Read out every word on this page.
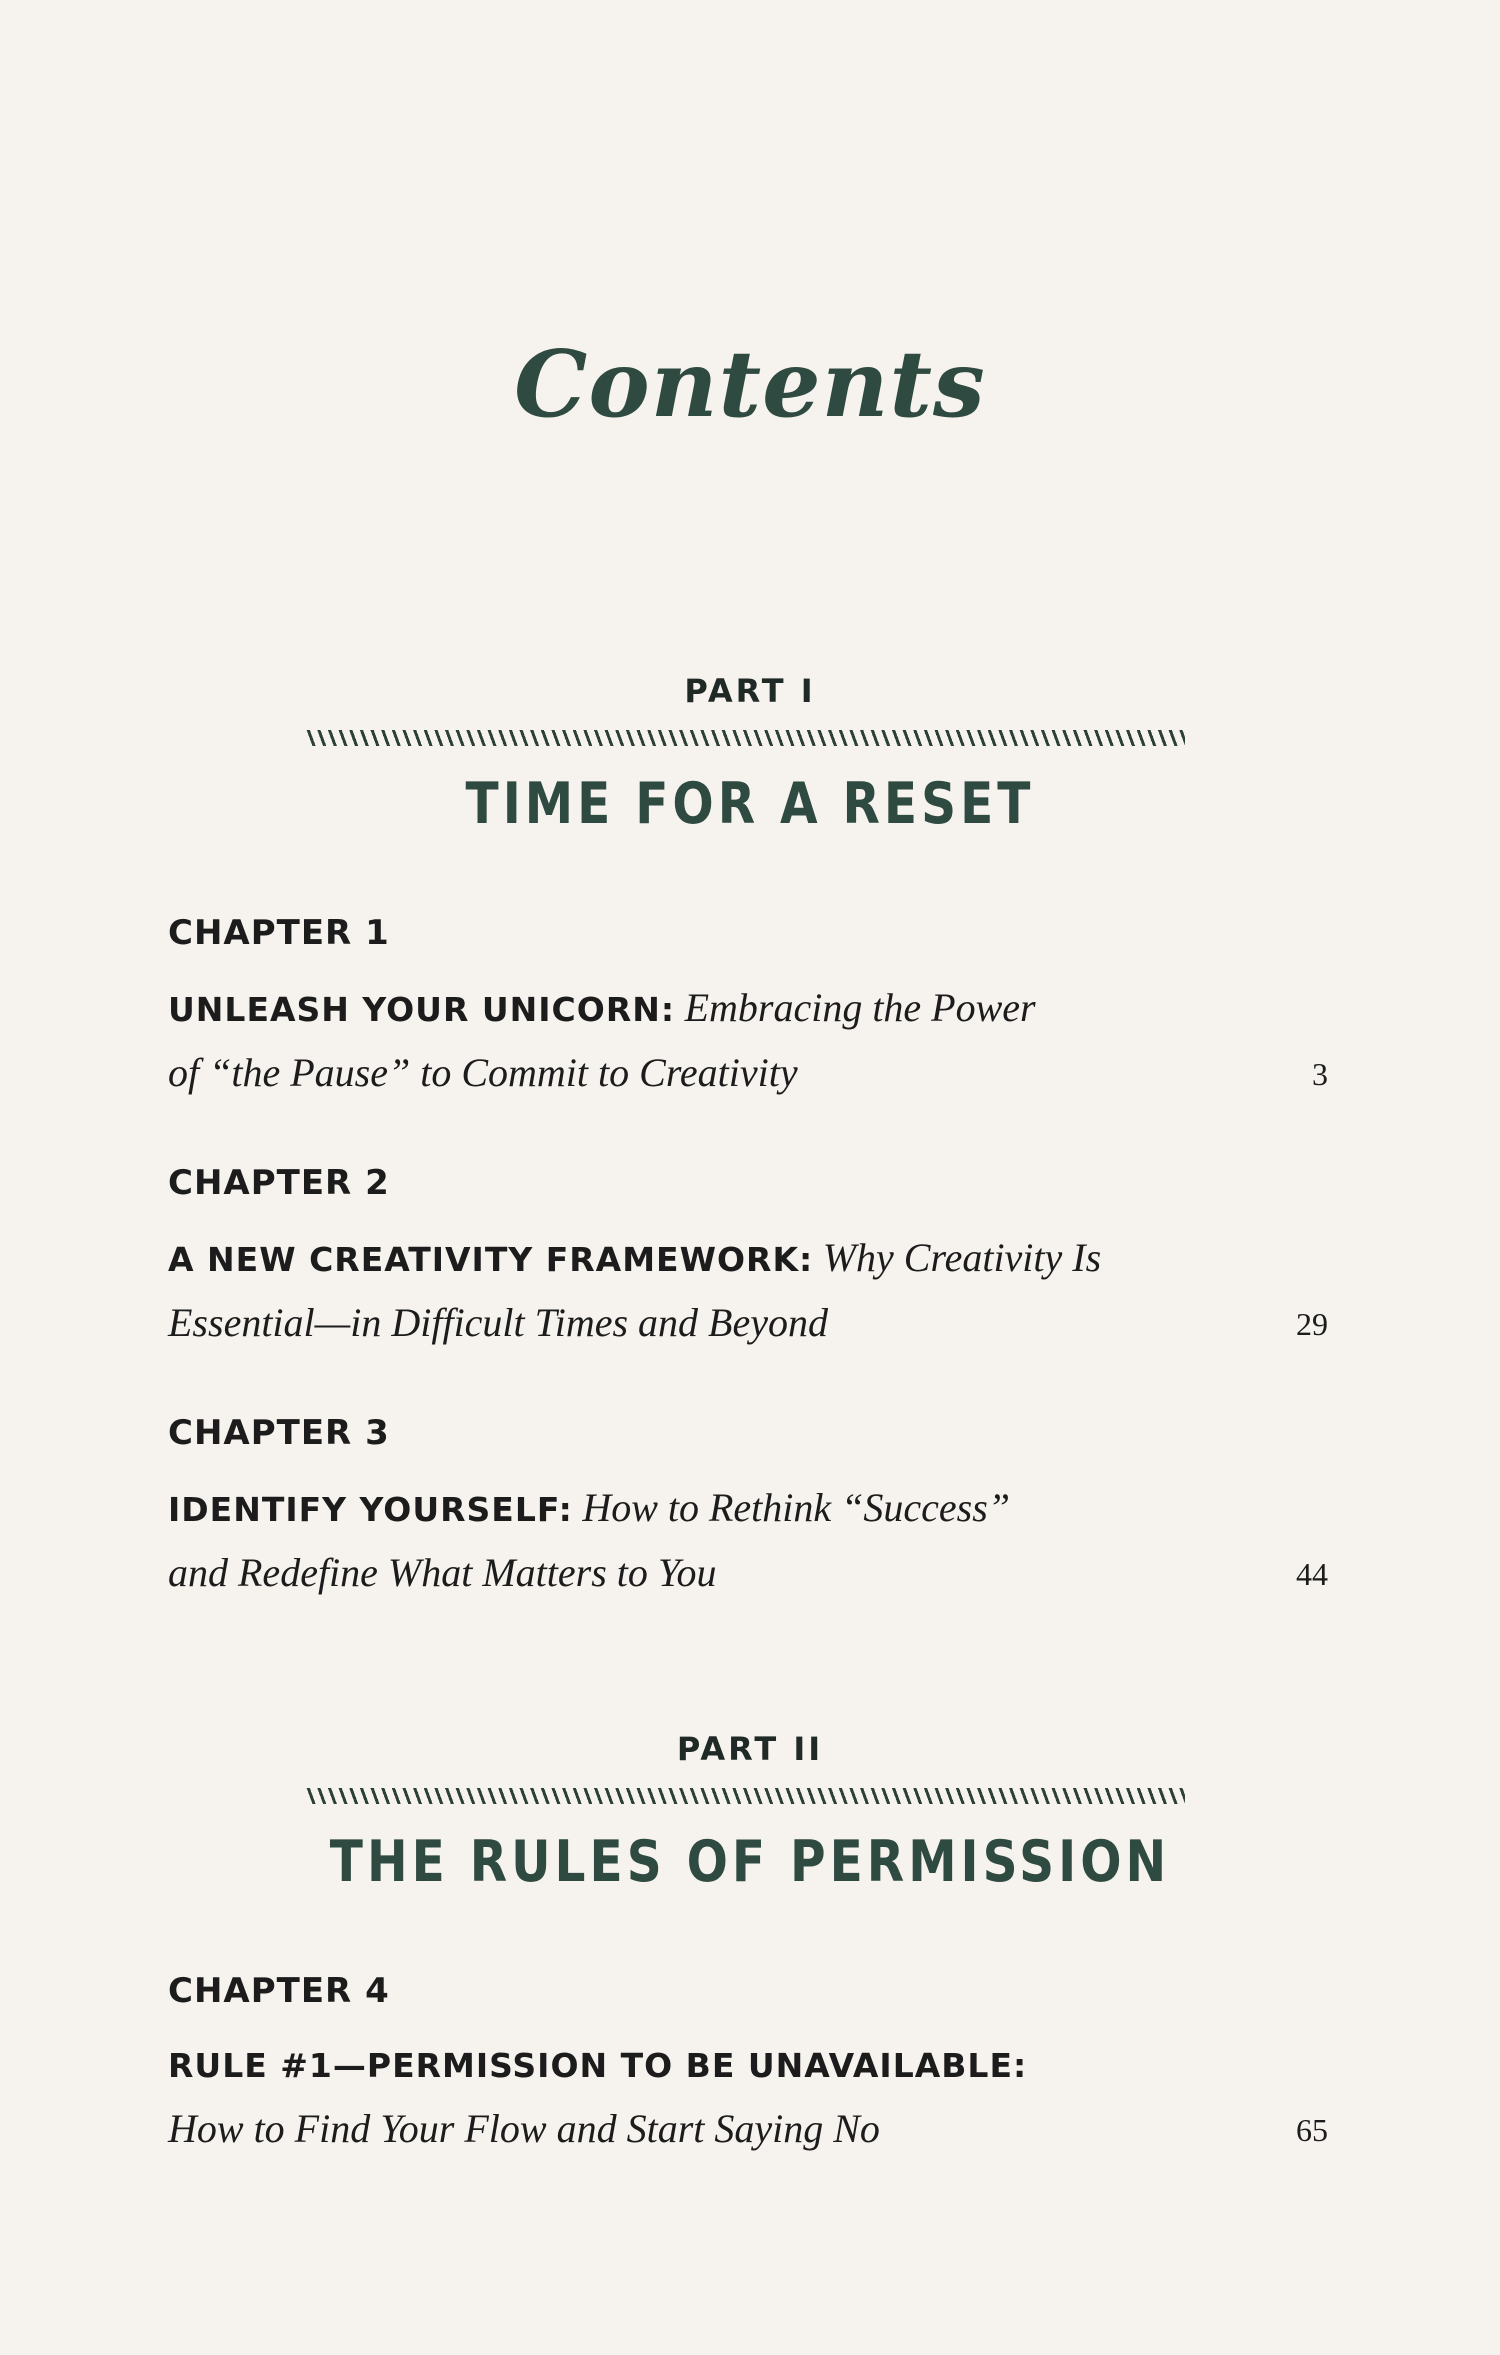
Contents
PART I
TIME FOR A RESET
CHAPTER 1
UNLEASH YOUR UNICORN: Embracing the Power
of “the Pause” to Commit to Creativity	3
CHAPTER 2
A NEW CREATIVITY FRAMEWORK: Why Creativity Is
Essential—in Difficult Times and Beyond	29
CHAPTER 3
IDENTIFY YOURSELF: How to Rethink “Success”
and Redefine What Matters to You	44
PART II
THE RULES OF PERMISSION
CHAPTER 4
RULE #1—PERMISSION TO BE UNAVAILABLE:
How to Find Your Flow and Start Saying No	65
